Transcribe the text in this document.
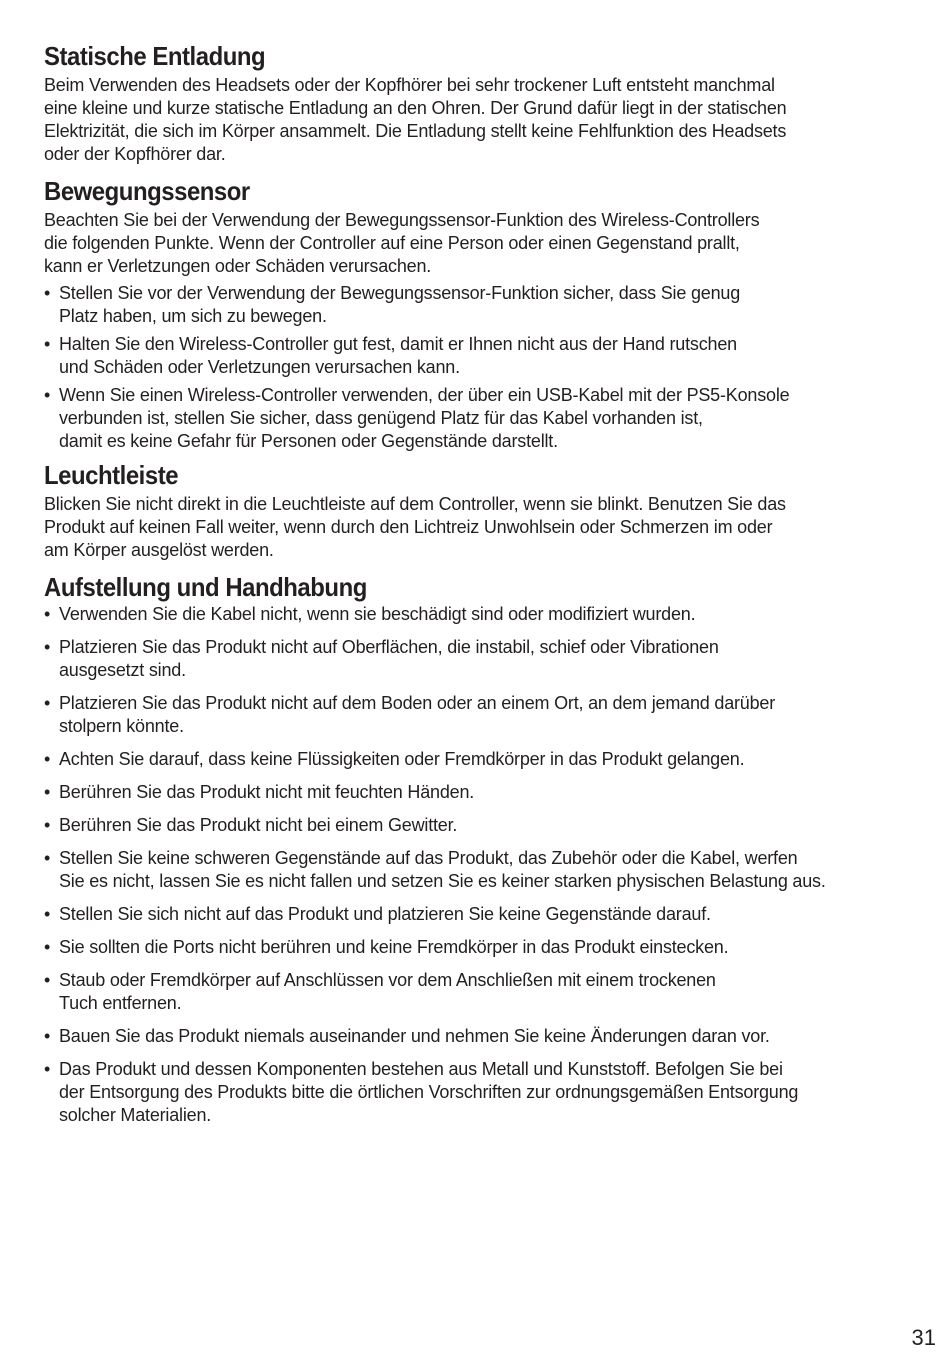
Statische Entladung

Beim Verwenden des Headsets oder der Kopfhörer bei sehr trockener Luft entsteht manchmal
eine kleine und kurze statische Entladung an den Ohren. Der Grund dafür liegt in der statischen
Elektrizität, die sich im Körper ansammelt. Die Entladung stellt keine Fehlfunktion des Headsets
oder der Kopfhörer dar.

Bewegungssensor

Beachten Sie bei der Verwendung der Bewegungssensor-Funktion des Wireless-Controllers
die folgenden Punkte. Wenn der Controller auf eine Person oder einen Gegenstand prallt,
kann er Verletzungen oder Schäden verursachen.

• Stellen Sie vor der Verwendung der Bewegungssensor-Funktion sicher, dass Sie genug
Platz haben, um sich zu bewegen.
• Halten Sie den Wireless-Controller gut fest, damit er Ihnen nicht aus der Hand rutschen
und Schäden oder Verletzungen verursachen kann.
• Wenn Sie einen Wireless-Controller verwenden, der über ein USB-Kabel mit der PS5-Konsole
verbunden ist, stellen Sie sicher, dass genügend Platz für das Kabel vorhanden ist,
damit es keine Gefahr für Personen oder Gegenstände darstellt.
Leuchtleiste

Blicken Sie nicht direkt in die Leuchtleiste auf dem Controller, wenn sie blinkt. Benutzen Sie das
Produkt auf keinen Fall weiter, wenn durch den Lichtreiz Unwohlsein oder Schmerzen im oder
am Körper ausgelöst werden.

Aufstellung und Handhabung
• Verwenden Sie die Kabel nicht, wenn sie beschädigt sind oder modifiziert wurden.
• Platzieren Sie das Produkt nicht auf Oberflächen, die instabil, schief oder Vibrationen
ausgesetzt sind.
• Platzieren Sie das Produkt nicht auf dem Boden oder an einem Ort, an dem jemand darüber
stolpern könnte.
• Achten Sie darauf, dass keine Flüssigkeiten oder Fremdkörper in das Produkt gelangen.
• Berühren Sie das Produkt nicht mit feuchten Händen.
• Berühren Sie das Produkt nicht bei einem Gewitter.
• Stellen Sie keine schweren Gegenstände auf das Produkt, das Zubehör oder die Kabel, werfen
Sie es nicht, lassen Sie es nicht fallen und setzen Sie es keiner starken physischen Belastung aus.
• Stellen Sie sich nicht auf das Produkt und platzieren Sie keine Gegenstände darauf.
• Sie sollten die Ports nicht berühren und keine Fremdkörper in das Produkt einstecken.
• Staub oder Fremdkörper auf Anschlüssen vor dem Anschließen mit einem trockenen
Tuch entfernen.
• Bauen Sie das Produkt niemals auseinander und nehmen Sie keine Änderungen daran vor.
• Das Produkt und dessen Komponenten bestehen aus Metall und Kunststoff. Befolgen Sie bei
der Entsorgung des Produkts bitte die örtlichen Vorschriften zur ordnungsgemäßen Entsorgung
solcher Materialien.
31
